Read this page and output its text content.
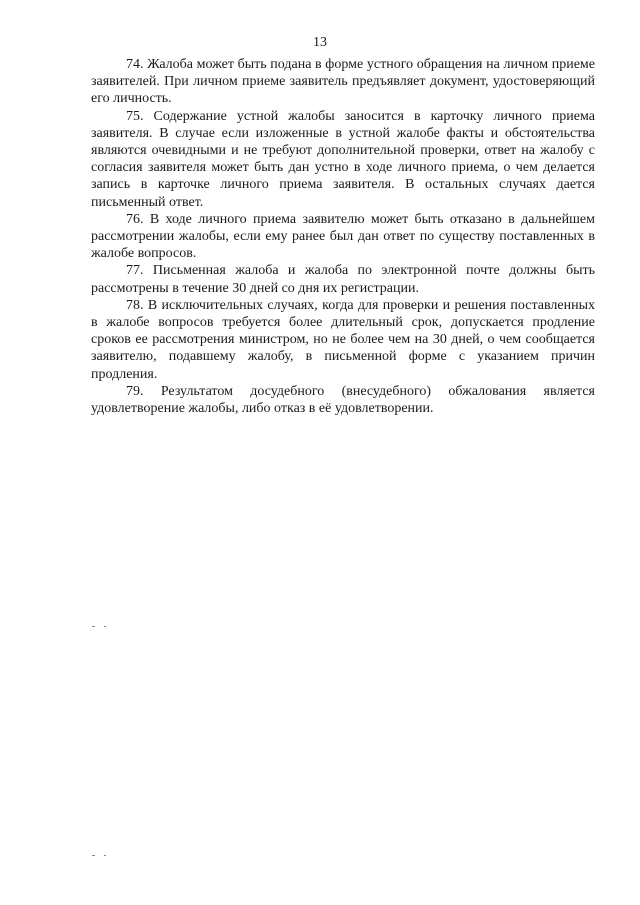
13

74. Жалоба может быть подана в форме устного обращения на личном приеме заявителей. При личном приеме заявитель предъявляет документ, удостоверяющий его личность.

75. Содержание устной жалобы заносится в карточку личного приема заявителя. В случае если изложенные в устной жалобе факты и обстоятельства являются очевидными и не требуют дополнительной проверки, ответ на жалобу с согласия заявителя может быть дан устно в ходе личного приема, о чем делается запись в карточке личного приема заявителя. В остальных случаях дается письменный ответ.

76. В ходе личного приема заявителю может быть отказано в дальнейшем рассмотрении жалобы, если ему ранее был дан ответ по существу поставленных в жалобе вопросов.

77. Письменная жалоба и жалоба по электронной почте должны быть рассмотрены в течение 30 дней со дня их регистрации.

78. В исключительных случаях, когда для проверки и решения поставленных в жалобе вопросов требуется более длительный срок, допускается продление сроков ее рассмотрения министром, но не более чем на 30 дней, о чем сообщается заявителю, подавшему жалобу, в письменной форме с указанием причин продления.

79. Результатом досудебного (внесудебного) обжалования является удовлетворение жалобы, либо отказ в её удовлетворении.
